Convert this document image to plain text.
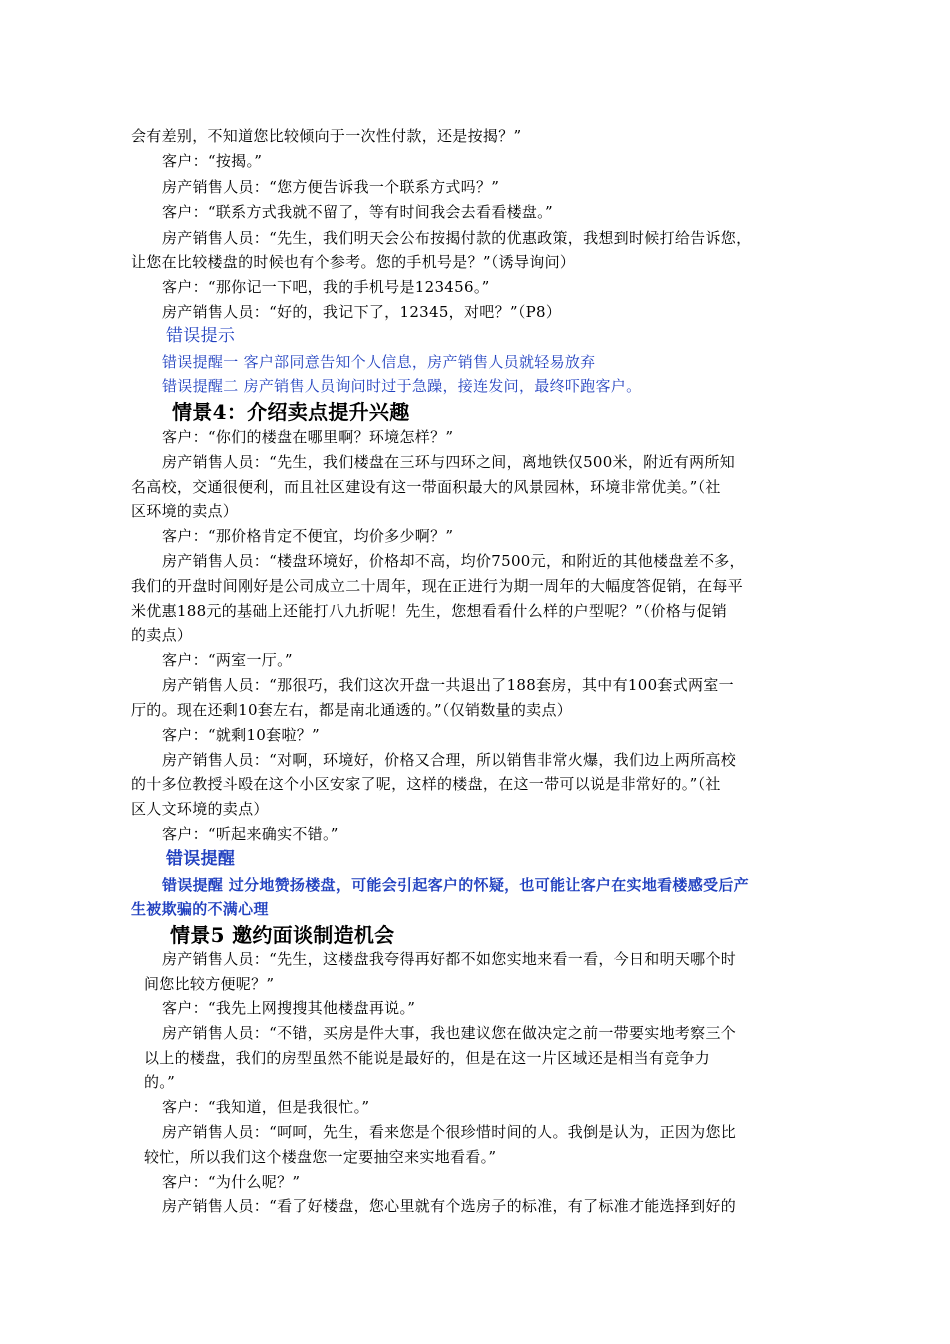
会有差别，不知道您比较倾向于一次性付款，还是按揭？”
客户：“按揭。”
房产销售人员：“您方便告诉我一个联系方式吗？”
客户：“联系方式我就不留了，等有时间我会去看看楼盘。”
房产销售人员：“先生，我们明天会公布按揭付款的优惠政策，我想到时候打给告诉您，
让您在比较楼盘的时候也有个参考。您的手机号是？”（诱导询问）
客户：“那你记一下吧，我的手机号是123456。”
房产销售人员：“好的，我记下了，12345，对吧？”（P8）
错误提示
错误提醒一 客户部同意告知个人信息，房产销售人员就轻易放弃
错误提醒二 房产销售人员询问时过于急躁，接连发问，最终吓跑客户。
情景4：介绍卖点提升兴趣
客户：“你们的楼盘在哪里啊？环境怎样？”
房产销售人员：“先生，我们楼盘在三环与四环之间，离地铁仅500米，附近有两所知
名高校，交通很便利，而且社区建设有这一带面积最大的风景园林，环境非常优美。”（社
区环境的卖点）
客户：“那价格肯定不便宜，均价多少啊？”
房产销售人员：“楼盘环境好，价格却不高，均价7500元，和附近的其他楼盘差不多，
我们的开盘时间刚好是公司成立二十周年，现在正进行为期一周年的大幅度答促销，在每平
米优惠188元的基础上还能打八九折呢！先生，您想看看什么样的户型呢？”（价格与促销
的卖点）
客户：“两室一厅。”
房产销售人员：“那很巧，我们这次开盘一共退出了188套房，其中有100套式两室一
厅的。现在还剩10套左右，都是南北通透的。”（仅销数量的卖点）
客户：“就剩10套啦？”
房产销售人员：“对啊，环境好，价格又合理，所以销售非常火爆，我们边上两所高校
的十多位教授斗殴在这个小区安家了呢，这样的楼盘，在这一带可以说是非常好的。”（社
区人文环境的卖点）
客户：“听起来确实不错。”
错误提醒
错误提醒 过分地赞扬楼盘，可能会引起客户的怀疑，也可能让客户在实地看楼感受后产
生被欺骗的不满心理
情景5 邀约面谈制造机会
房产销售人员：“先生，这楼盘我夸得再好都不如您实地来看一看，今日和明天哪个时
间您比较方便呢？”
客户：“我先上网搜搜其他楼盘再说。”
房产销售人员：“不错，买房是件大事，我也建议您在做决定之前一带要实地考察三个
以上的楼盘，我们的房型虽然不能说是最好的，但是在这一片区域还是相当有竞争力
的。”
客户：“我知道，但是我很忙。”
房产销售人员：“呵呵，先生，看来您是个很珍惜时间的人。我倒是认为，正因为您比
较忙，所以我们这个楼盘您一定要抽空来实地看看。”
客户：“为什么呢？”
房产销售人员：“看了好楼盘，您心里就有个选房子的标准，有了标准才能选择到好的
